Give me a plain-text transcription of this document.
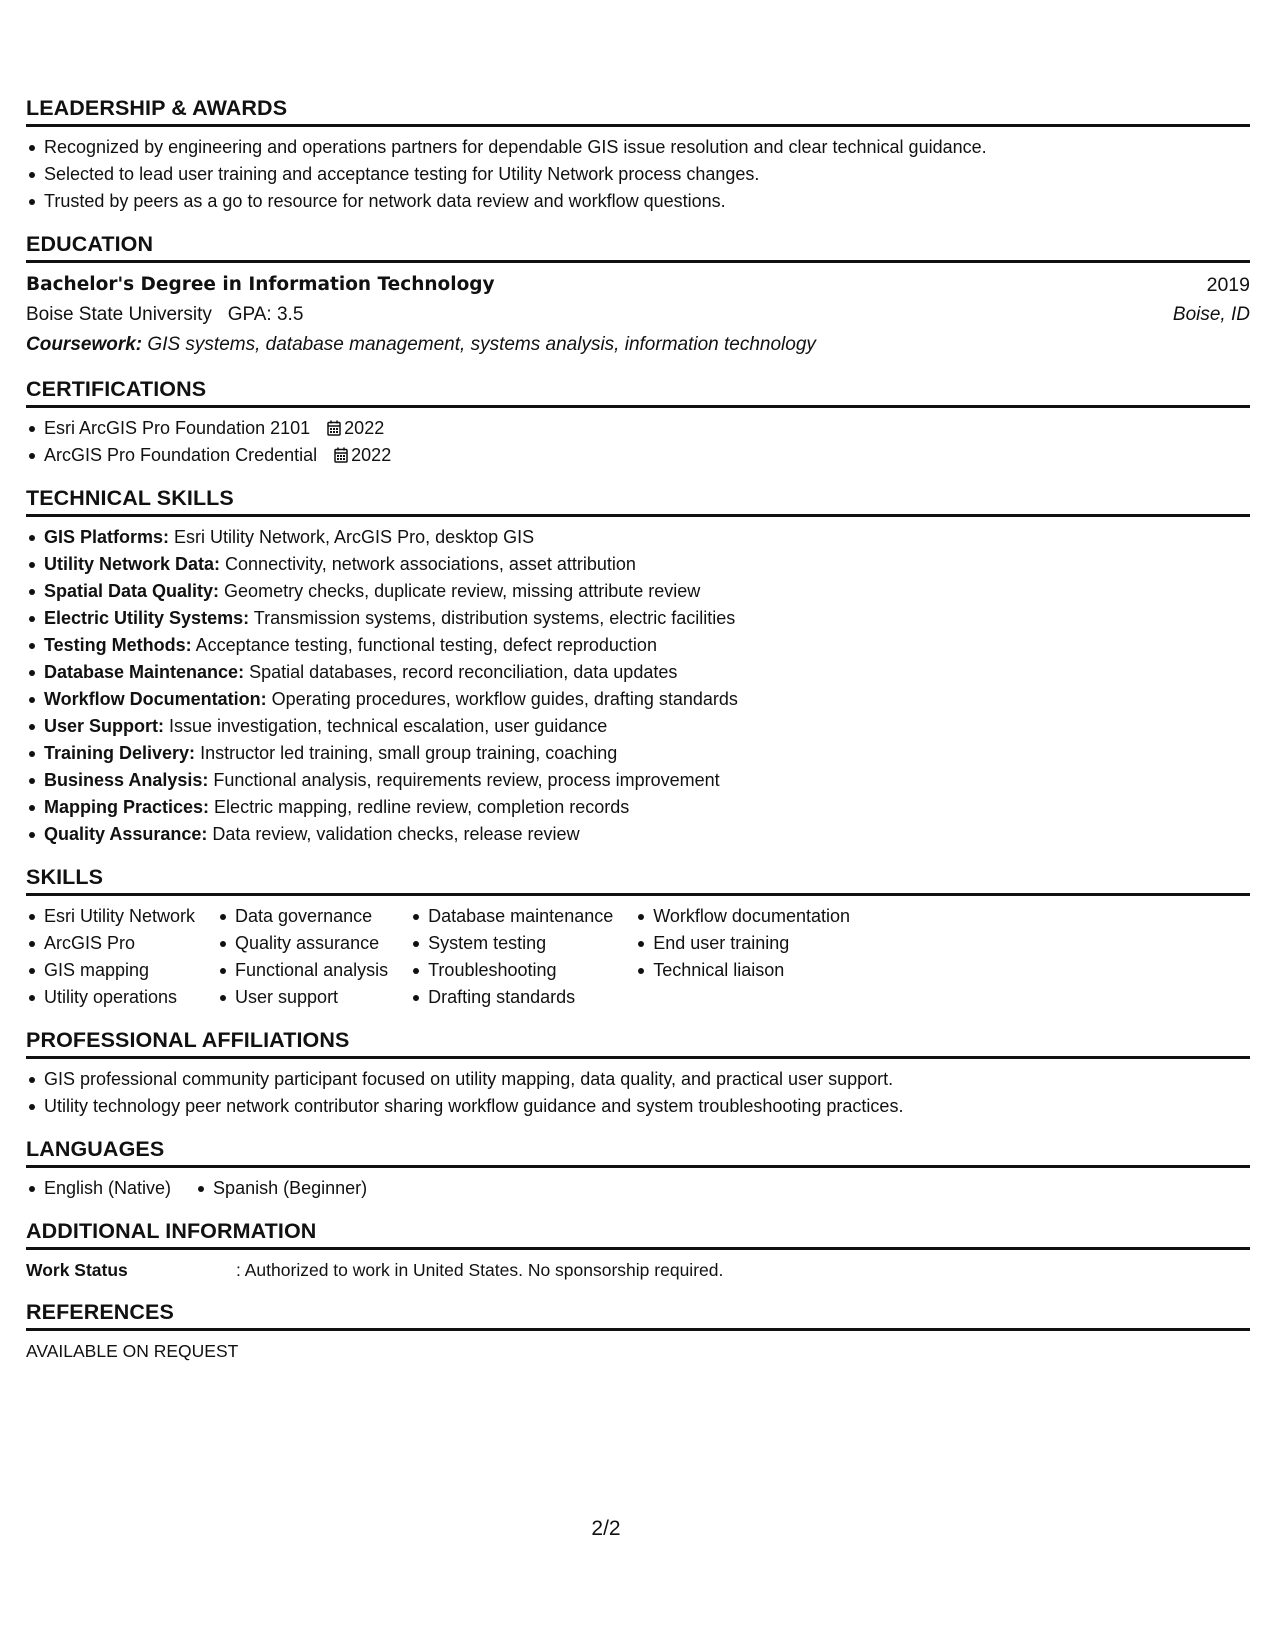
LEADERSHIP & AWARDS
Recognized by engineering and operations partners for dependable GIS issue resolution and clear technical guidance.
Selected to lead user training and acceptance testing for Utility Network process changes.
Trusted by peers as a go to resource for network data review and workflow questions.
EDUCATION
Bachelor's Degree in Information Technology	2019
Boise State University GPA: 3.5	Boise, ID
Coursework: GIS systems, database management, systems analysis, information technology
CERTIFICATIONS
Esri ArcGIS Pro Foundation 2101 2022
ArcGIS Pro Foundation Credential 2022
TECHNICAL SKILLS
GIS Platforms: Esri Utility Network, ArcGIS Pro, desktop GIS
Utility Network Data: Connectivity, network associations, asset attribution
Spatial Data Quality: Geometry checks, duplicate review, missing attribute review
Electric Utility Systems: Transmission systems, distribution systems, electric facilities
Testing Methods: Acceptance testing, functional testing, defect reproduction
Database Maintenance: Spatial databases, record reconciliation, data updates
Workflow Documentation: Operating procedures, workflow guides, drafting standards
User Support: Issue investigation, technical escalation, user guidance
Training Delivery: Instructor led training, small group training, coaching
Business Analysis: Functional analysis, requirements review, process improvement
Mapping Practices: Electric mapping, redline review, completion records
Quality Assurance: Data review, validation checks, release review
SKILLS
Esri Utility Network
ArcGIS Pro
GIS mapping
Utility operations
Data governance
Quality assurance
Functional analysis
User support
Database maintenance
System testing
Troubleshooting
Drafting standards
Workflow documentation
End user training
Technical liaison
PROFESSIONAL AFFILIATIONS
GIS professional community participant focused on utility mapping, data quality, and practical user support.
Utility technology peer network contributor sharing workflow guidance and system troubleshooting practices.
LANGUAGES
English (Native)	Spanish (Beginner)
ADDITIONAL INFORMATION
Work Status	: Authorized to work in United States. No sponsorship required.
REFERENCES
AVAILABLE ON REQUEST
2/2
